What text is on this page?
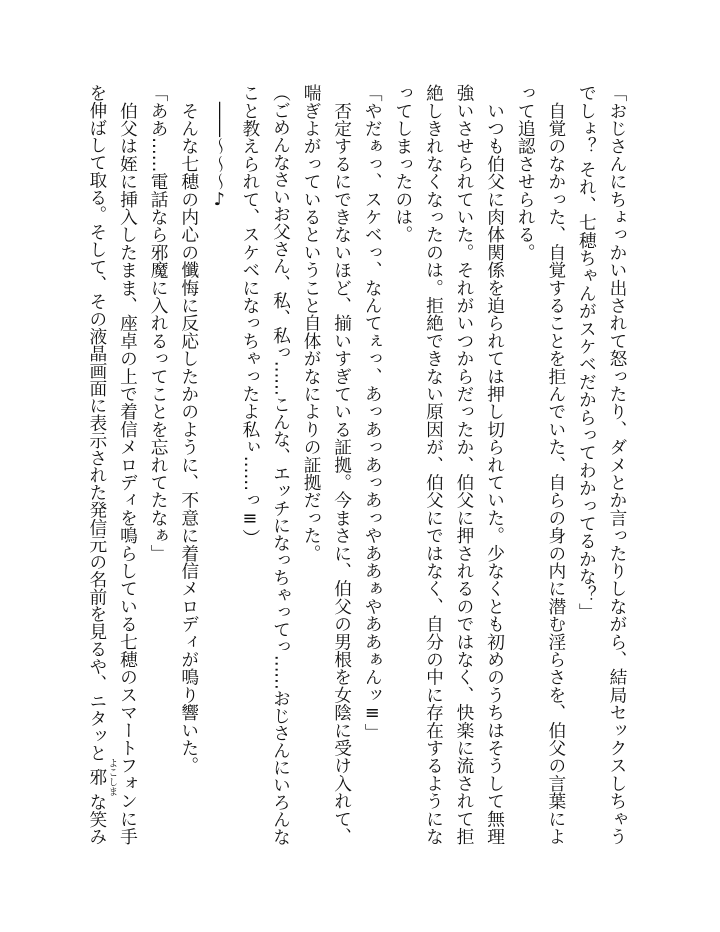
「おじさんにちょっかい出されて怒ったり、ダメとか言ったりしながら、結局セックスしちゃう
でしょ？ それ、七穂ちゃんがスケベだからってわかってるかな？」
　自覚のなかった、自覚することを拒んでいた、自らの身の内に潜む淫らさを、伯父の言葉によ
って追認させられる。
　いつも伯父に肉体関係を迫られては押し切られていた。少なくとも初めのうちはそうして無理
強いさせられていた。それがいつからだったか、伯父に押されるのではなく、快楽に流されて拒
絶しきれなくなったのは。拒絶できない原因が、伯父にではなく、自分の中に存在するようにな
ってしまったのは。
「やだぁっ、スケベっ、なんてぇっ、あっあっあっあっやああぁやああぁんッ≡」
　否定するにできないほど、揃いすぎている証拠。今まさに、伯父の男根を女陰に受け入れて、
喘ぎよがっているということ自体がなによりの証拠だった。
（ごめんなさいお父さん、私、私っ……こんな、エッチになっちゃってっ……おじさんにいろんな
こと教えられて、スケベになっちゃったよ私ぃ……っ≡）
　――〜〜〜♪
　そんな七穂の内心の懺悔に反応したかのように、不意に着信メロディが鳴り響いた。
「ああ……電話なら邪魔に入れるってことを忘れてたなぁ」
　伯父は姪に挿入したまま、座卓の上で着信メロディを鳴らしている七穂のスマートフォンに手
を伸ばして取る。そして、その液晶画面に表示された発信元の名前を見るや、ニタッと邪 よこしま
な笑み
